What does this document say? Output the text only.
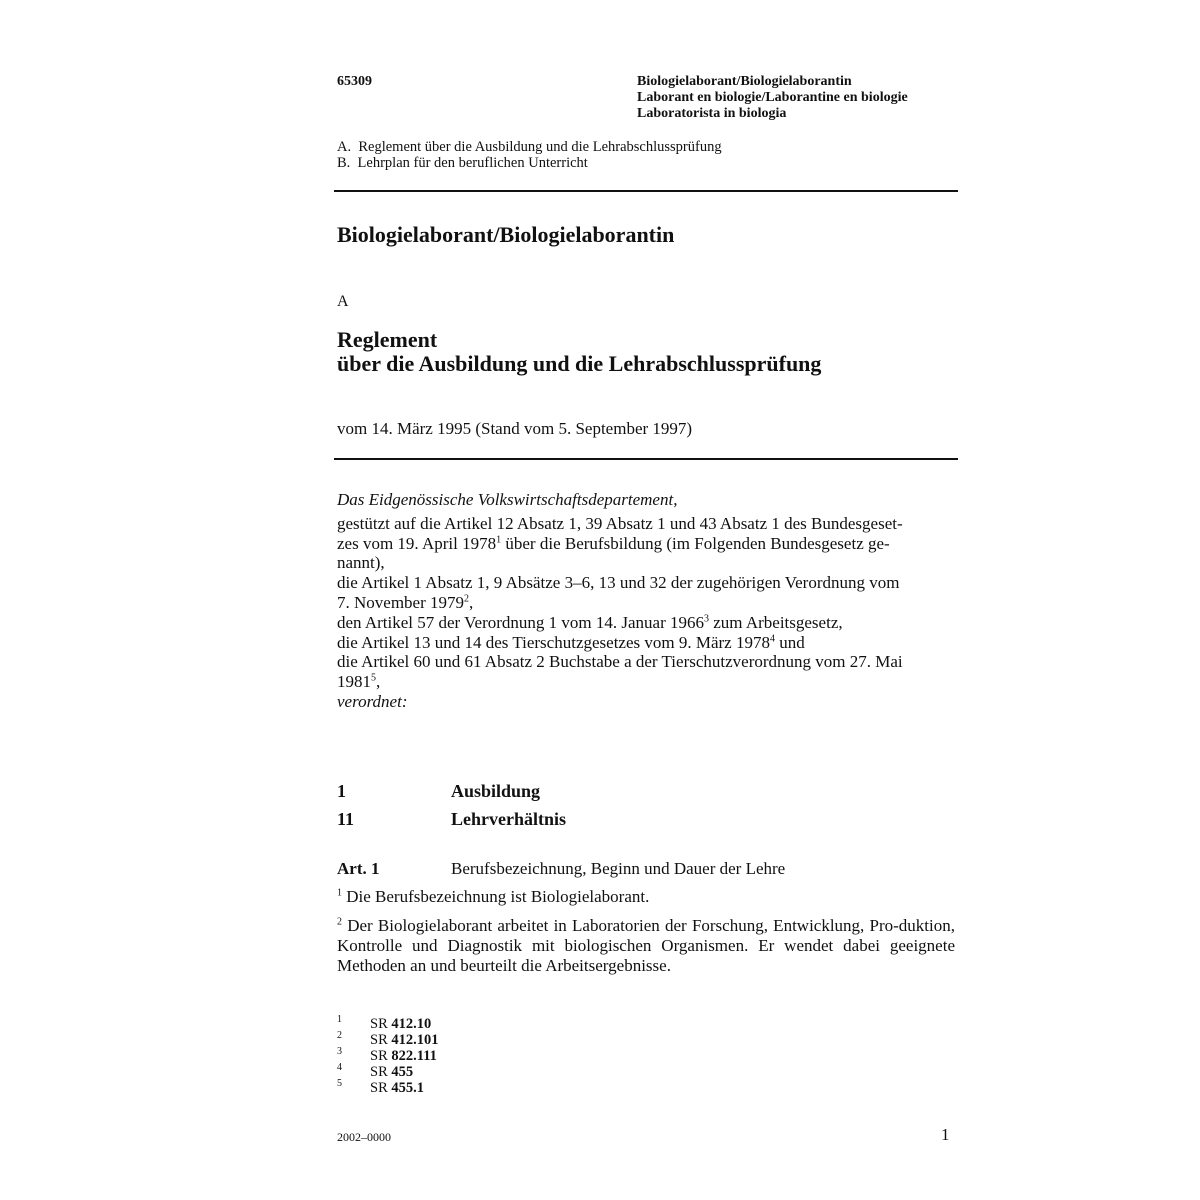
65309	Biologielaborant/Biologielaborantin
Laborant en biologie/Laborantine en biologie
Laboratorista in biologia
A.  Reglement über die Ausbildung und die Lehrabschlussprüfung
B.  Lehrplan für den beruflichen Unterricht
Biologielaborant/Biologielaborantin
A
Reglement
über die Ausbildung und die Lehrabschlussprüfung
vom 14. März 1995 (Stand vom 5. September 1997)

Das Eidgenössische Volkswirtschaftsdepartement,

gestützt auf die Artikel 12 Absatz 1, 39 Absatz 1 und 43 Absatz 1 des Bundesgeset-

zes vom 19. April 1978$^1$ über die Berufsbildung (im Folgenden Bundesgesetz ge-

nannt),

die Artikel 1 Absatz 1, 9 Absätze 3–6, 13 und 32 der zugehörigen Verordnung vom

7. November 1979$^2$,

den Artikel 57 der Verordnung 1 vom 14. Januar 1966$^3$ zum Arbeitsgesetz,

die Artikel 13 und 14 des Tierschutzgesetzes vom 9. März 1978$^4$ und

die Artikel 60 und 61 Absatz 2 Buchstabe a der Tierschutzverordnung vom 27. Mai

1981$^5$,

verordnet:

1	Ausbildung
11	Lehrverhältnis
Art. 1	Berufsbezeichnung, Beginn und Dauer der Lehre
$^1$ Die Berufsbezeichnung ist Biologielaborant.
$^2$ Der Biologielaborant arbeitet in Laboratorien der Forschung, Entwicklung, Pro-duktion, Kontrolle und Diagnostik mit biologischen Organismen. Er wendet dabei geeignete Methoden an und beurteilt die Arbeitsergebnisse.
1 SR 412.10
2 SR 412.101
3 SR 822.111
4 SR 455
5 SR 455.1
2002–0000	1
